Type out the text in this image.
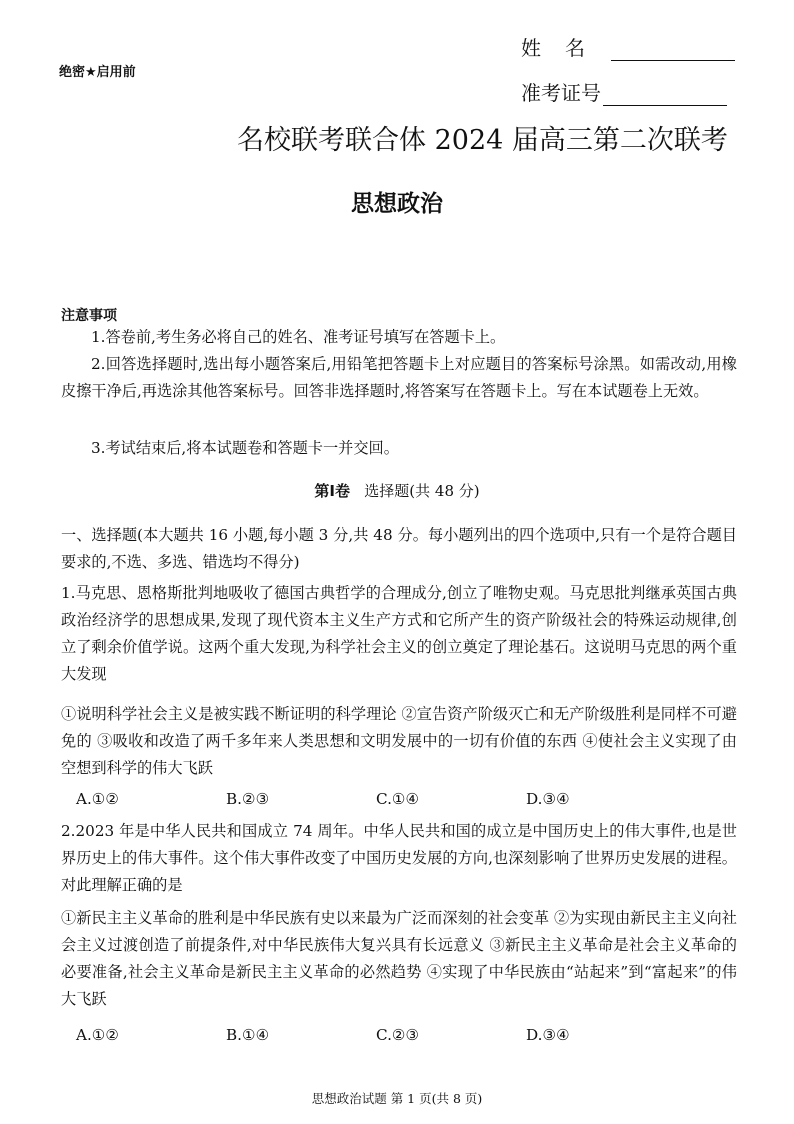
绝密★启用前
姓名
准考证号
名校联考联合体 2024 届高三第二次联考
思想政治
注意事项
1.答卷前,考生务必将自己的姓名、准考证号填写在答题卡上。
2.回答选择题时,选出每小题答案后,用铅笔把答题卡上对应题目的答案标号涂黑。如需改动,用橡皮擦干净后,再选涂其他答案标号。回答非选择题时,将答案写在答题卡上。写在本试题卷上无效。
3.考试结束后,将本试题卷和答题卡一并交回。
第Ⅰ卷 选择题(共 48 分)
一、选择题(本大题共 16 小题,每小题 3 分,共 48 分。每小题列出的四个选项中,只有一个是符合题目要求的,不选、多选、错选均不得分)
1.马克思、恩格斯批判地吸收了德国古典哲学的合理成分,创立了唯物史观。马克思批判继承英国古典政治经济学的思想成果,发现了现代资本主义生产方式和它所产生的资产阶级社会的特殊运动规律,创立了剩余价值学说。这两个重大发现,为科学社会主义的创立奠定了理论基石。这说明马克思的两个重大发现
①说明科学社会主义是被实践不断证明的科学理论 ②宣告资产阶级灭亡和无产阶级胜利是同样不可避免的 ③吸收和改造了两千多年来人类思想和文明发展中的一切有价值的东西 ④使社会主义实现了由空想到科学的伟大飞跃
A.①②	B.②③	C.①④	D.③④
2.2023 年是中华人民共和国成立 74 周年。中华人民共和国的成立是中国历史上的伟大事件,也是世界历史上的伟大事件。这个伟大事件改变了中国历史发展的方向,也深刻影响了世界历史发展的进程。对此理解正确的是
①新民主主义革命的胜利是中华民族有史以来最为广泛而深刻的社会变革 ②为实现由新民主主义向社会主义过渡创造了前提条件,对中华民族伟大复兴具有长远意义 ③新民主主义革命是社会主义革命的必要准备,社会主义革命是新民主主义革命的必然趋势 ④实现了中华民族由“站起来”到“富起来”的伟大飞跃
A.①②	B.①④	C.②③	D.③④
思想政治试题 第 1 页(共 8 页)
